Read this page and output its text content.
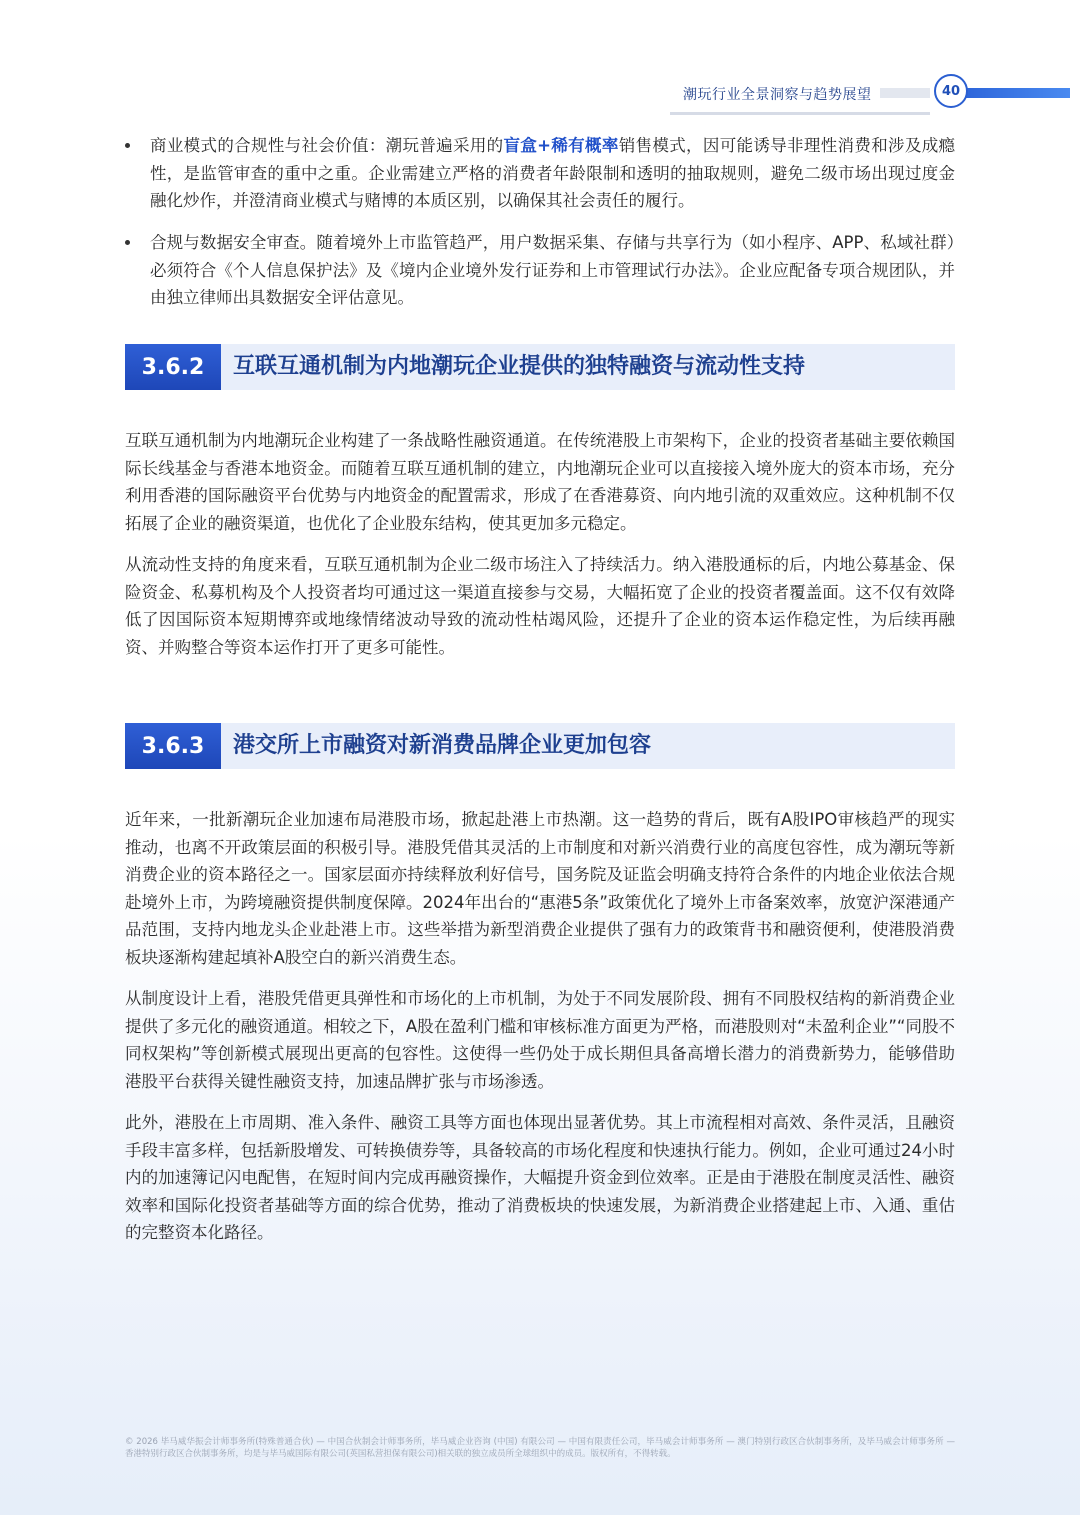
潮玩行业全景洞察与趋势展望	40
商业模式的合规性与社会价值：潮玩普遍采用的盲盒+稀有概率销售模式，因可能诱导非理性消费和涉及成瘾性，是监管审查的重中之重。企业需建立严格的消费者年龄限制和透明的抽取规则，避免二级市场出现过度金融化炒作，并澄清商业模式与赌博的本质区别，以确保其社会责任的履行。
合规与数据安全审查。随着境外上市监管趋严，用户数据采集、存储与共享行为（如小程序、APP、私域社群）必须符合《个人信息保护法》及《境内企业境外发行证券和上市管理试行办法》。企业应配备专项合规团队，并由独立律师出具数据安全评估意见。
3.6.2	互联互通机制为内地潮玩企业提供的独特融资与流动性支持

互联互通机制为内地潮玩企业构建了一条战略性融资通道。在传统港股上市架构下，企业的投资者基础主要依赖国际长线基金与香港本地资金。而随着互联互通机制的建立，内地潮玩企业可以直接接入境外庞大的资本市场，充分利用香港的国际融资平台优势与内地资金的配置需求，形成了在香港募资、向内地引流的双重效应。这种机制不仅拓展了企业的融资渠道，也优化了企业股东结构，使其更加多元稳定。

从流动性支持的角度来看，互联互通机制为企业二级市场注入了持续活力。纳入港股通标的后，内地公募基金、保险资金、私募机构及个人投资者均可通过这一渠道直接参与交易，大幅拓宽了企业的投资者覆盖面。这不仅有效降低了因国际资本短期博弈或地缘情绪波动导致的流动性枯竭风险，还提升了企业的资本运作稳定性，为后续再融资、并购整合等资本运作打开了更多可能性。

3.6.3	港交所上市融资对新消费品牌企业更加包容

近年来，一批新潮玩企业加速布局港股市场，掀起赴港上市热潮。这一趋势的背后，既有A股IPO审核趋严的现实推动，也离不开政策层面的积极引导。港股凭借其灵活的上市制度和对新兴消费行业的高度包容性，成为潮玩等新消费企业的资本路径之一。国家层面亦持续释放利好信号，国务院及证监会明确支持符合条件的内地企业依法合规赴境外上市，为跨境融资提供制度保障。2024年出台的“惠港5条”政策优化了境外上市备案效率，放宽沪深港通产品范围，支持内地龙头企业赴港上市。这些举措为新型消费企业提供了强有力的政策背书和融资便利，使港股消费板块逐渐构建起填补A股空白的新兴消费生态。

从制度设计上看，港股凭借更具弹性和市场化的上市机制，为处于不同发展阶段、拥有不同股权结构的新消费企业提供了多元化的融资通道。相较之下，A股在盈利门槛和审核标准方面更为严格，而港股则对“未盈利企业”“同股不同权架构”等创新模式展现出更高的包容性。这使得一些仍处于成长期但具备高增长潜力的消费新势力，能够借助港股平台获得关键性融资支持，加速品牌扩张与市场渗透。

此外，港股在上市周期、准入条件、融资工具等方面也体现出显著优势。其上市流程相对高效、条件灵活，且融资手段丰富多样，包括新股增发、可转换债券等，具备较高的市场化程度和快速执行能力。例如，企业可通过24小时内的加速簿记闪电配售，在短时间内完成再融资操作，大幅提升资金到位效率。正是由于港股在制度灵活性、融资效率和国际化投资者基础等方面的综合优势，推动了消费板块的快速发展，为新消费企业搭建起上市、入通、重估的完整资本化路径。

© 2026 毕马威华振会计师事务所(特殊普通合伙) — 中国合伙制会计师事务所，毕马威企业咨询 (中国) 有限公司 — 中国有限责任公司，毕马威会计师事务所 — 澳门特别行政区合伙制事务所，及毕马威会计师事务所 — 香港特别行政区合伙制事务所，均是与毕马威国际有限公司(英国私营担保有限公司)相关联的独立成员所全球组织中的成员。版权所有，不得转载。
